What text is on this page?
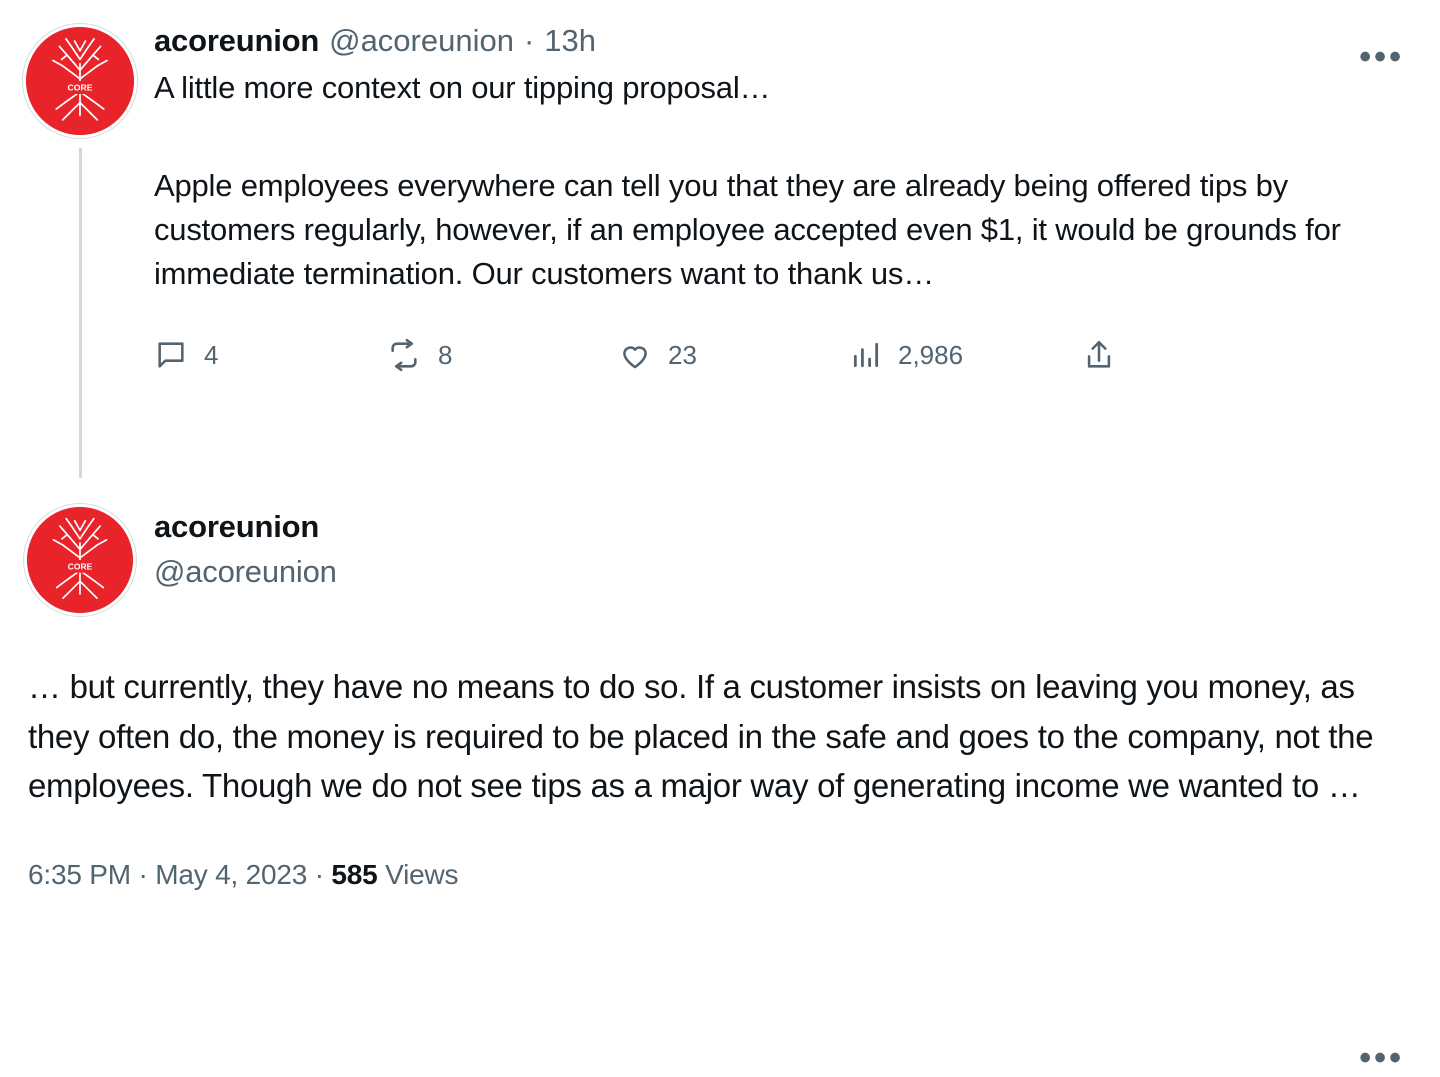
CORE
acoreunion @acoreunion · 13h
A little more context on our tipping proposal…
Apple employees everywhere can tell you that they are already being offered tips by customers regularly, however, if an employee accepted even $1, it would be grounds for immediate termination. Our customers want to thank us…
4	8	23	2,986
•••
CORE
acoreunion
@acoreunion
… but currently, they have no means to do so. If a customer insists on leaving you money, as they often do, the money is required to be placed in the safe and goes to the company, not the employees. Though we do not see tips as a major way of generating income we wanted to …
6:35 PM · May 4, 2023 · 585 Views
•••
